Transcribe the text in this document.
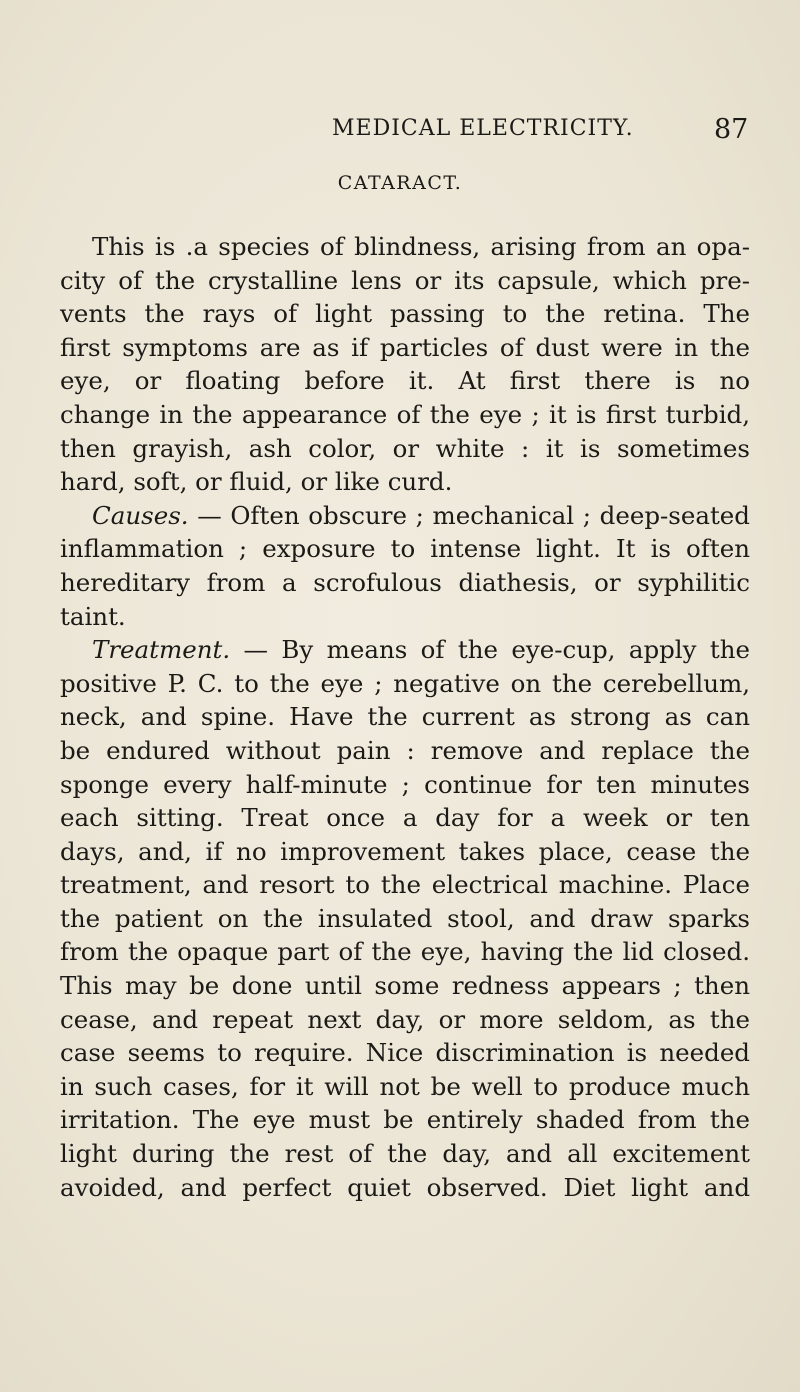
MEDICAL ELECTRICITY.	87
CATARACT.
This is .a species of blindness, arising from an opa-
city of the crystalline lens or its capsule, which pre-
vents the rays of light passing to the retina. The
first symptoms are as if particles of dust were in the
eye, or floating before it. At first there is no
change in the appearance of the eye ; it is first turbid,
then grayish, ash color, or white : it is sometimes
hard, soft, or fluid, or like curd.
Causes. — Often obscure ; mechanical ; deep-seated
inflammation ; exposure to intense light. It is often
hereditary from a scrofulous diathesis, or syphilitic
taint.
Treatment. — By means of the eye-cup, apply the
positive P. C. to the eye ; negative on the cerebellum,
neck, and spine. Have the current as strong as can
be endured without pain : remove and replace the
sponge every half-minute ; continue for ten minutes
each sitting. Treat once a day for a week or ten
days, and, if no improvement takes place, cease the
treatment, and resort to the electrical machine. Place
the patient on the insulated stool, and draw sparks
from the opaque part of the eye, having the lid closed.
This may be done until some redness appears ; then
cease, and repeat next day, or more seldom, as the
case seems to require. Nice discrimination is needed
in such cases, for it will not be well to produce much
irritation. The eye must be entirely shaded from the
light during the rest of the day, and all excitement
avoided, and perfect quiet observed. Diet light and
